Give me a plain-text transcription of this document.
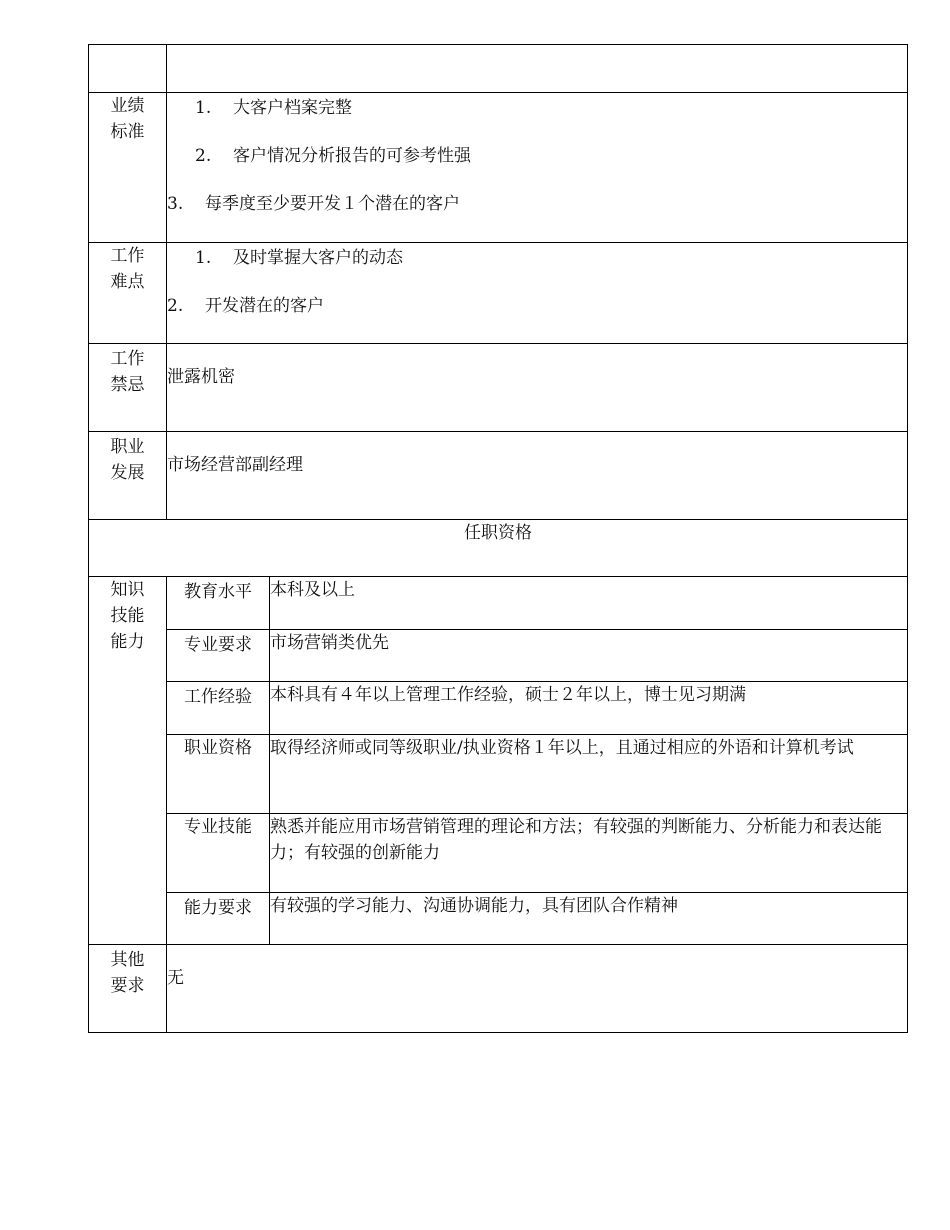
业绩
标准	1. 大客户档案完整
2. 客户情况分析报告的可参考性强
3. 每季度至少要开发１个潜在的客户	

工作
难点	1. 及时掌握大客户的动态
2. 开发潜在的客户	

工作
禁忌	泄露机密	

职业
发展	市场经营部副经理	
任职资格		

知识
技能
能力	教育水平	本科及以上
	专业要求	市场营销类优先
	工作经验	本科具有４年以上管理工作经验，硕士２年以上，博士见习期满
	职业资格	取得经济师或同等级职业/执业资格１年以上，且通过相应的外语和计算机考试
	专业技能	熟悉并能应用市场营销管理的理论和方法；有较强的判断能力、分析能力和表达能力；有较强的创新能力
	能力要求	有较强的学习能力、沟通协调能力，具有团队合作精神

其他
要求	无	
